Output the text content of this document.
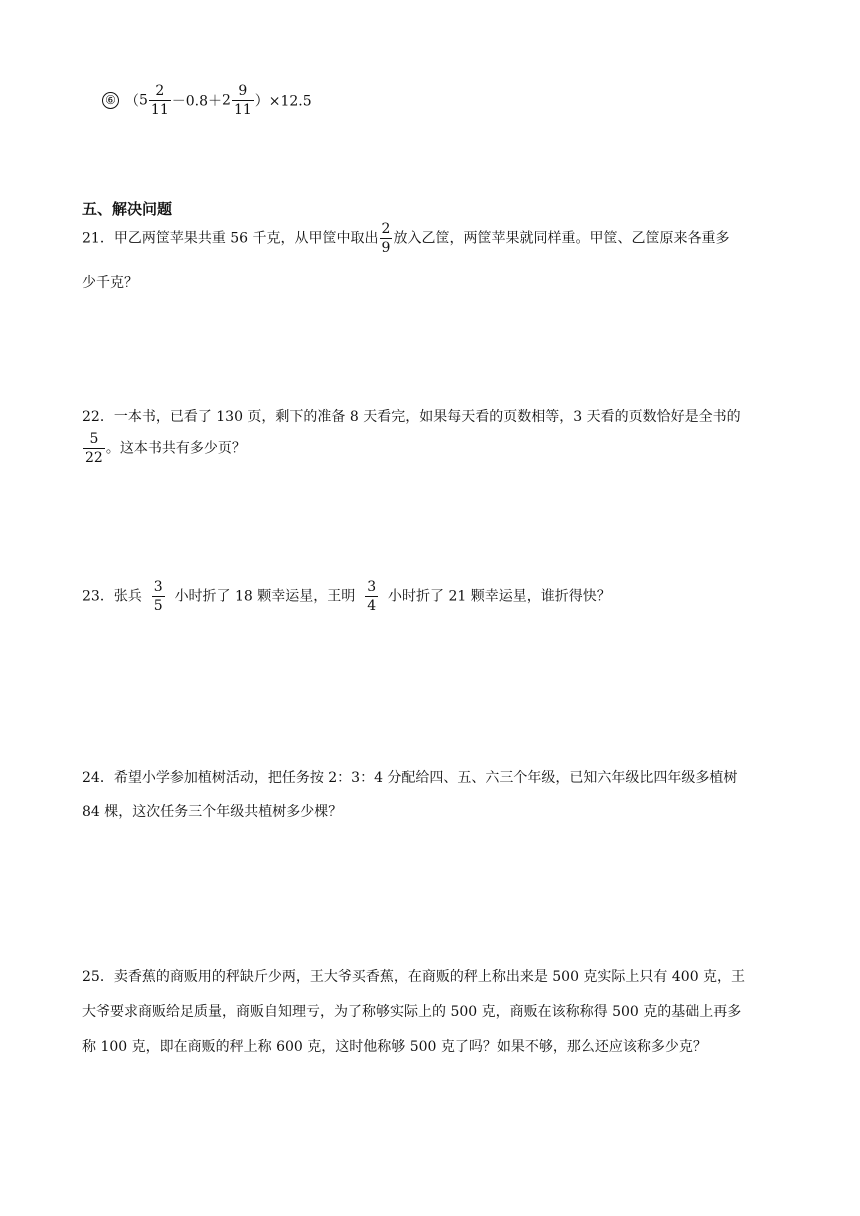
⑥ $(5 \frac{2}{11} -0.8+2 \frac{9}{11} )\times 12.5$
五、解决问题
21．甲乙两筐苹果共重 56 千克，从甲筐中取出 $\frac{2}{9}$ 放入乙筐，两筐苹果就同样重。甲筐、乙筐原来各重多
少千克？
22．一本书，已看了 130 页，剩下的准备 8 天看完，如果每天看的页数相等，3 天看的页数恰好是全书的
$\frac{5}{22}$ 。这本书共有多少页？
23．张兵 $\frac{3}{5}$ 小时折了 18 颗幸运星，王明 $\frac{3}{4}$ 小时折了 21 颗幸运星，谁折得快？
24．希望小学参加植树活动，把任务按 2：3：4 分配给四、五、六三个年级，已知六年级比四年级多植树
84 棵，这次任务三个年级共植树多少棵？
25．卖香蕉的商贩用的秤缺斤少两，王大爷买香蕉，在商贩的秤上称出来是 500 克实际上只有 400 克，王
大爷要求商贩给足质量，商贩自知理亏，为了称够实际上的 500 克，商贩在该称称得 500 克的基础上再多
称 100 克，即在商贩的秤上称 600 克，这时他称够 500 克了吗？如果不够，那么还应该称多少克？
